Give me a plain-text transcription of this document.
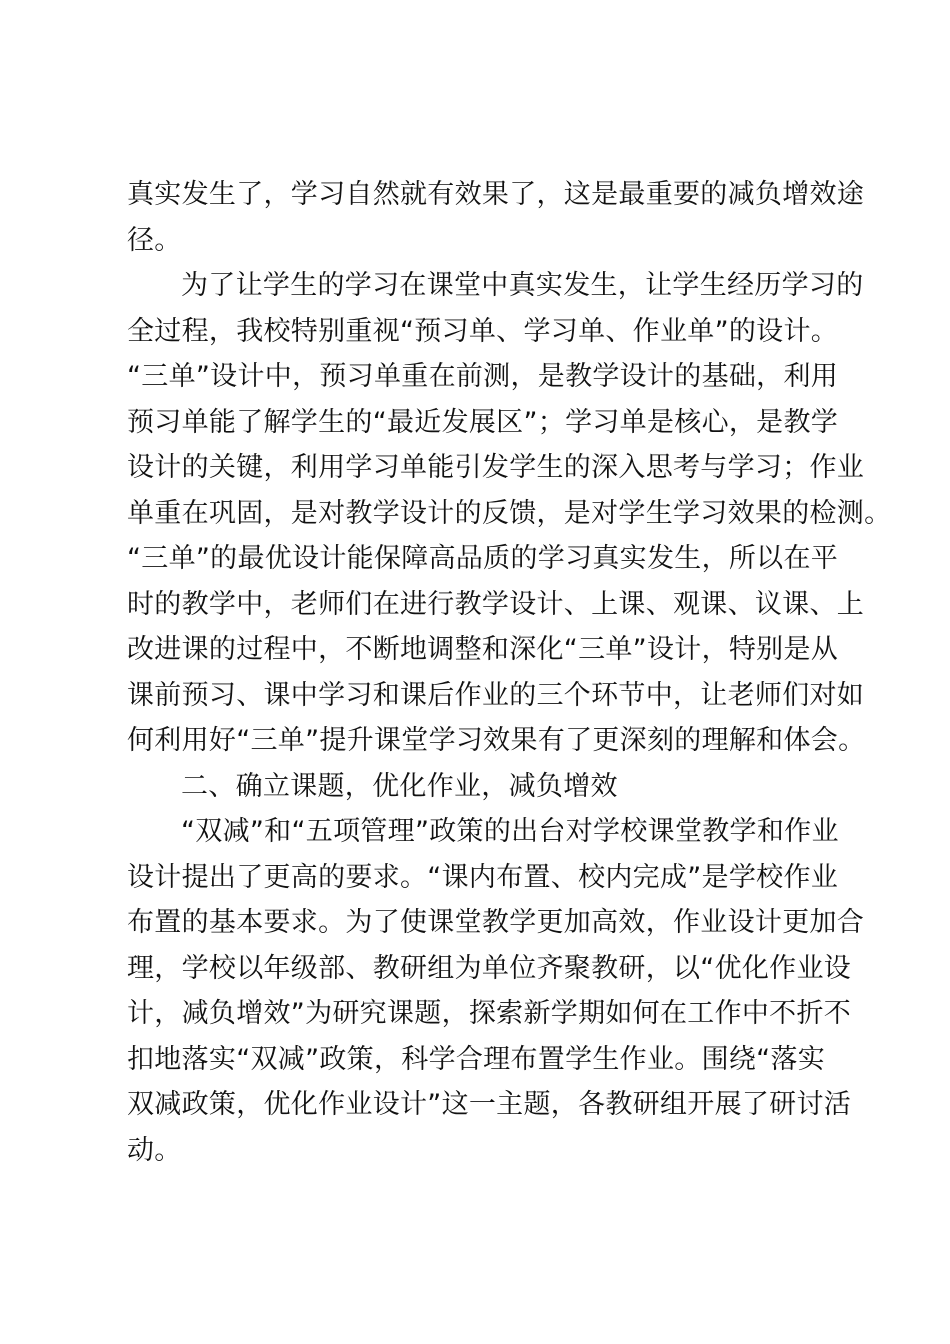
真实发生了，学习自然就有效果了，这是最重要的减负增效途
径。
为了让学生的学习在课堂中真实发生，让学生经历学习的
全过程，我校特别重视“预习单、学习单、作业单”的设计。
“三单”设计中，预习单重在前测，是教学设计的基础，利用
预习单能了解学生的“最近发展区”；学习单是核心，是教学
设计的关键，利用学习单能引发学生的深入思考与学习；作业
单重在巩固，是对教学设计的反馈，是对学生学习效果的检测。
“三单”的最优设计能保障高品质的学习真实发生，所以在平
时的教学中，老师们在进行教学设计、上课、观课、议课、上
改进课的过程中，不断地调整和深化“三单”设计，特别是从
课前预习、课中学习和课后作业的三个环节中，让老师们对如
何利用好“三单”提升课堂学习效果有了更深刻的理解和体会。
二、确立课题，优化作业，减负增效
“双减”和“五项管理”政策的出台对学校课堂教学和作业
设计提出了更高的要求。“课内布置、校内完成”是学校作业
布置的基本要求。为了使课堂教学更加高效，作业设计更加合
理，学校以年级部、教研组为单位齐聚教研，以“优化作业设
计，减负增效”为研究课题，探索新学期如何在工作中不折不
扣地落实“双减”政策，科学合理布置学生作业。围绕“落实
双减政策，优化作业设计”这一主题，各教研组开展了研讨活
动。
